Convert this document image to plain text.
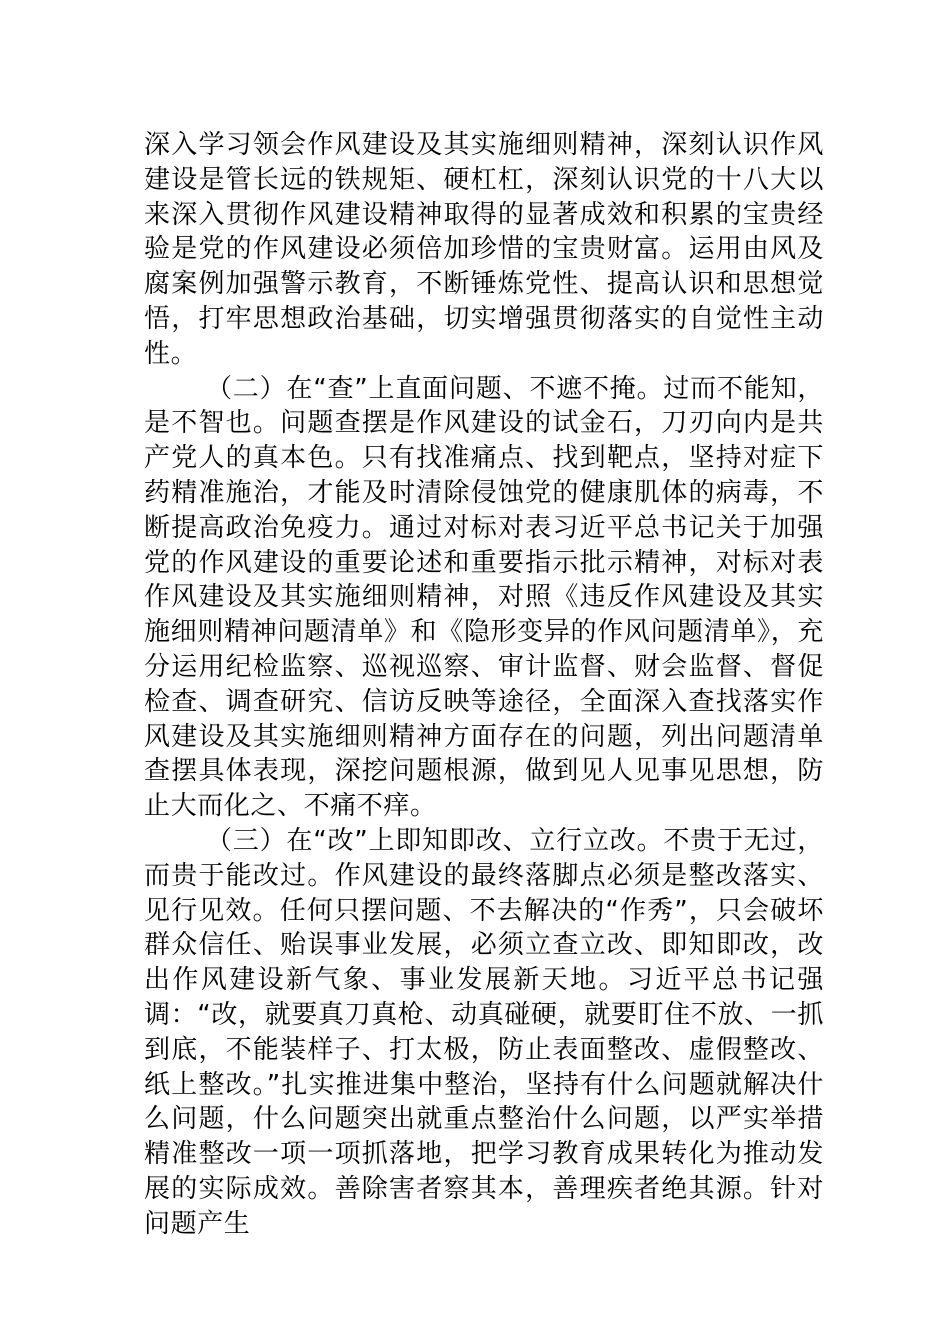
深入学习领会作风建设及其实施细则精神，深刻认识作风建设是管长远的铁规矩、硬杠杠，深刻认识党的十八大以来深入贯彻作风建设精神取得的显著成效和积累的宝贵经验是党的作风建设必须倍加珍惜的宝贵财富。运用由风及腐案例加强警示教育，不断锤炼党性、提高认识和思想觉悟，打牢思想政治基础，切实增强贯彻落实的自觉性主动性。

（二）在“查”上直面问题、不遮不掩。过而不能知，是不智也。问题查摆是作风建设的试金石，刀刃向内是共产党人的真本色。只有找准痛点、找到靶点，坚持对症下药精准施治，才能及时清除侵蚀党的健康肌体的病毒，不断提高政治免疫力。通过对标对表习近平总书记关于加强党的作风建设的重要论述和重要指示批示精神，对标对表作风建设及其实施细则精神，对照《违反作风建设及其实施细则精神问题清单》和《隐形变异的作风问题清单》，充分运用纪检监察、巡视巡察、审计监督、财会监督、督促检查、调查研究、信访反映等途径，全面深入查找落实作风建设及其实施细则精神方面存在的问题，列出问题清单查摆具体表现，深挖问题根源，做到见人见事见思想，防止大而化之、不痛不痒。

（三）在“改”上即知即改、立行立改。不贵于无过，而贵于能改过。作风建设的最终落脚点必须是整改落实、见行见效。任何只摆问题、不去解决的“作秀”，只会破坏群众信任、贻误事业发展，必须立查立改、即知即改，改出作风建设新气象、事业发展新天地。习近平总书记强调：“改，就要真刀真枪、动真碰硬，就要盯住不放、一抓到底，不能装样子、打太极，防止表面整改、虚假整改、纸上整改。”扎实推进集中整治，坚持有什么问题就解决什么问题，什么问题突出就重点整治什么问题，以严实举措精准整改一项一项抓落地，把学习教育成果转化为推动发展的实际成效。善除害者察其本，善理疾者绝其源。针对问题产生
